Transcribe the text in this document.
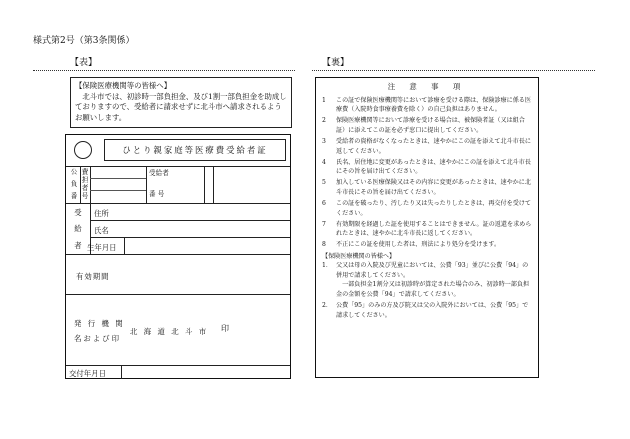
様式第2号（第3条関係）
【表】	【裏】
【保険医療機関等の皆様へ】
北斗市では、初診時一部負担金、及び1割一部負担金を助成しておりますので、受給者に請求せずに北斗市へ請求されるようお願いします。
ひとり親家庭等医療費受給者証
公
負
番
費
担
者
号
受給者
番 号
受
給
者
住所
氏名
生年月日
有効期間
発 行 機 関
名および印
北 海 道 北 斗 市 印
交付年月日
注 意 事 項
1	この証で保険医療機関等において診療を受ける際は、保険診療に係る医療費（入院時食事療養費を除く）の自己負担はありません。
2	保険医療機関等において診療を受ける場合は、被保険者証（又は組合証）に添えてこの証を必ず窓口に提出してください。
3	受給者の資格がなくなったときは、速やかにこの証を添えて北斗市長に返してください。
4	氏名、居住地に変更があったときは、速やかにこの証を添えて北斗市長にその旨を届け出てください。
5	加入している医療保険又はその内容に変更があったときは、速やかに北斗市長にその旨を届け出てください。
6	この証を破ったり、汚したり又は失ったりしたときは、再交付を受けてください。
7	有効期限を経過した証を使用することはできません。証の返還を求められたときは、速やかに北斗市長に返してください。
8	不正にこの証を使用した者は、刑法により処分を受けます。
【保険医療機関の皆様へ】
1． 父又は母の入院及び児童においては、公費「93」並びに公費「94」の併用で請求してください。
一部負担金1割分又は初診時が算定された場合のみ、初診時一部負担金の金額を公費「94」で請求してください。
2． 公費「95」のみの方及び院又は父の入院外においては、公費「95」で請求してください。
